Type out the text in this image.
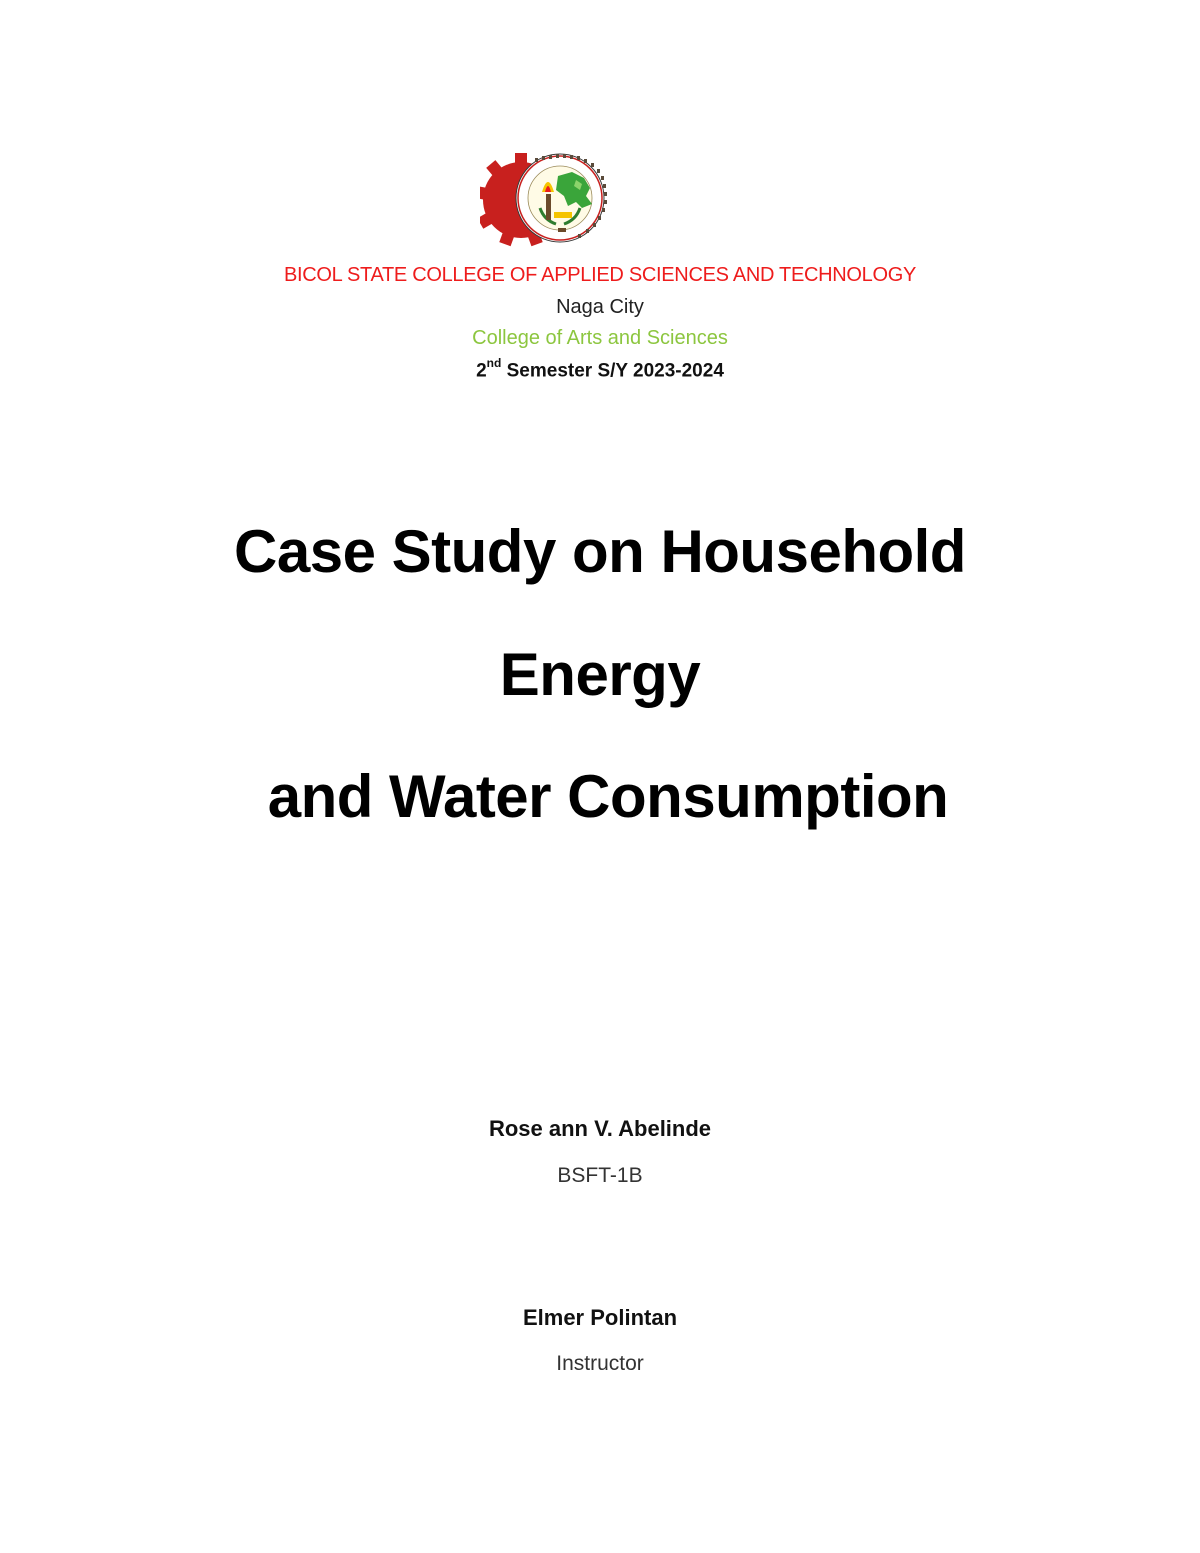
BICOL STATE COLLEGE OF APPLIED SCIENCES AND TECHNOLOGY
Naga City
College of Arts and Sciences
2nd Semester S/Y 2023-2024
Case Study on Household
Energy
and Water Consumption
Rose ann V. Abelinde
BSFT-1B
Elmer Polintan
Instructor
